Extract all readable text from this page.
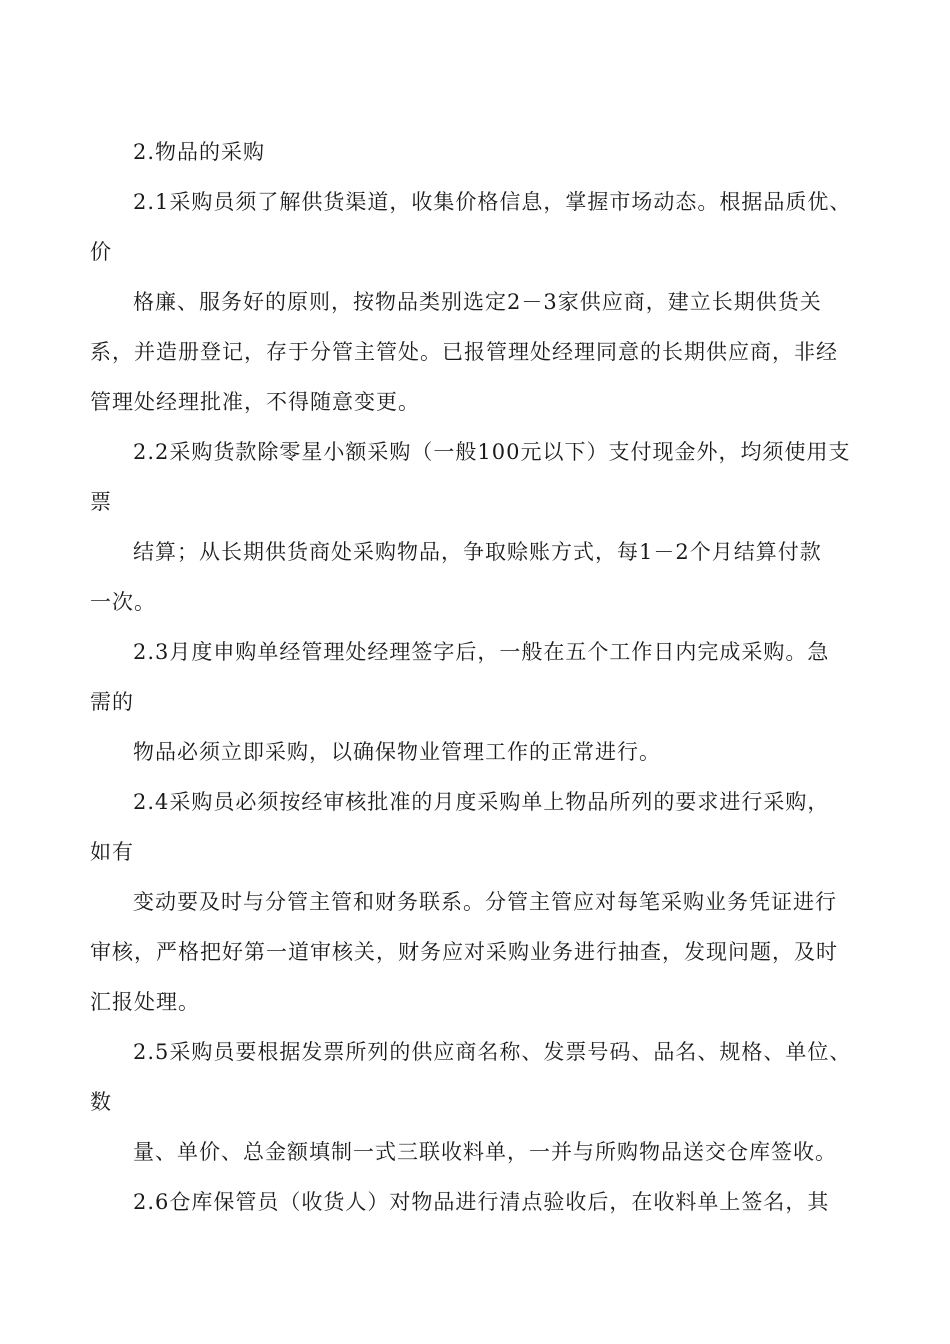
2.物品的采购
2.1采购员须了解供货渠道，收集价格信息，掌握市场动态。根据品质优、
价
格廉、服务好的原则，按物品类别选定2－3家供应商，建立长期供货关
系，并造册登记，存于分管主管处。已报管理处经理同意的长期供应商，非经
管理处经理批准，不得随意变更。
2.2采购货款除零星小额采购（一般100元以下）支付现金外，均须使用支
票
结算；从长期供货商处采购物品，争取赊账方式，每1－2个月结算付款
一次。
2.3月度申购单经管理处经理签字后，一般在五个工作日内完成采购。急
需的
物品必须立即采购，以确保物业管理工作的正常进行。
2.4采购员必须按经审核批准的月度采购单上物品所列的要求进行采购，
如有
变动要及时与分管主管和财务联系。分管主管应对每笔采购业务凭证进行
审核，严格把好第一道审核关，财务应对采购业务进行抽查，发现问题，及时
汇报处理。
2.5采购员要根据发票所列的供应商名称、发票号码、品名、规格、单位、
数
量、单价、总金额填制一式三联收料单，一并与所购物品送交仓库签收。
2.6仓库保管员（收货人）对物品进行清点验收后，在收料单上签名，其
